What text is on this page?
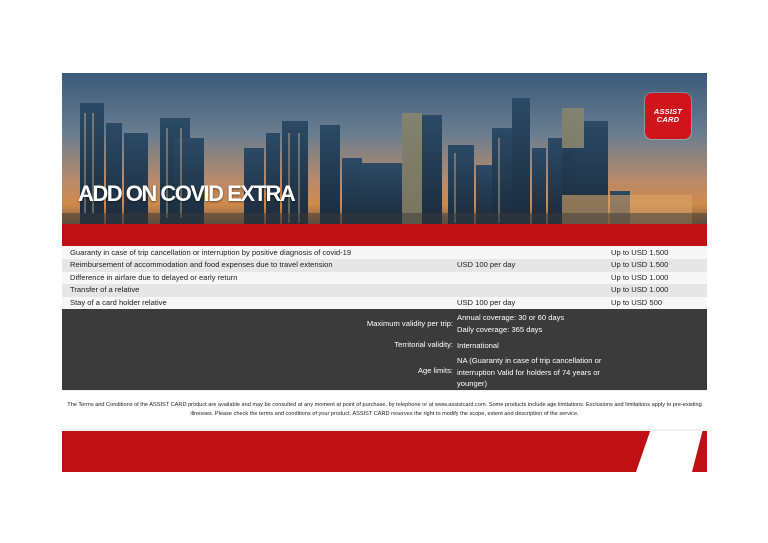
ADD ON COVID EXTRA
ASSIST
CARD
Guaranty in case of trip cancellation or interruption by positive diagnosis of covid-19	Up to USD 1.500
Reimbursement of accommodation and food expenses due to travel extension	USD 100 per day	Up to USD 1.500
Difference in airfare due to delayed or early return	Up to USD 1.000
Transfer of a relative	Up to USD 1.000
Stay of a card holder relative	USD 100 per day	Up to USD 500
Maximum validity per trip:
Annual coverage: 30 or 60 days
Daily coverage: 365 days
Territorial validity: International
Age limits:
NA (Guaranty in case of trip cancellation or interruption Valid for holders of 74 years or younger)
The Terms and Conditions of the ASSIST CARD product are available and may be consulted at any moment at point of purchase, by telephone or at www.assistcard.com. Some products include age limitations. Exclusions and limitations apply to pre-existing illnesses. Please check the terms and conditions of your product. ASSIST CARD reserves the right to modify the scope, extent and description of the service.
